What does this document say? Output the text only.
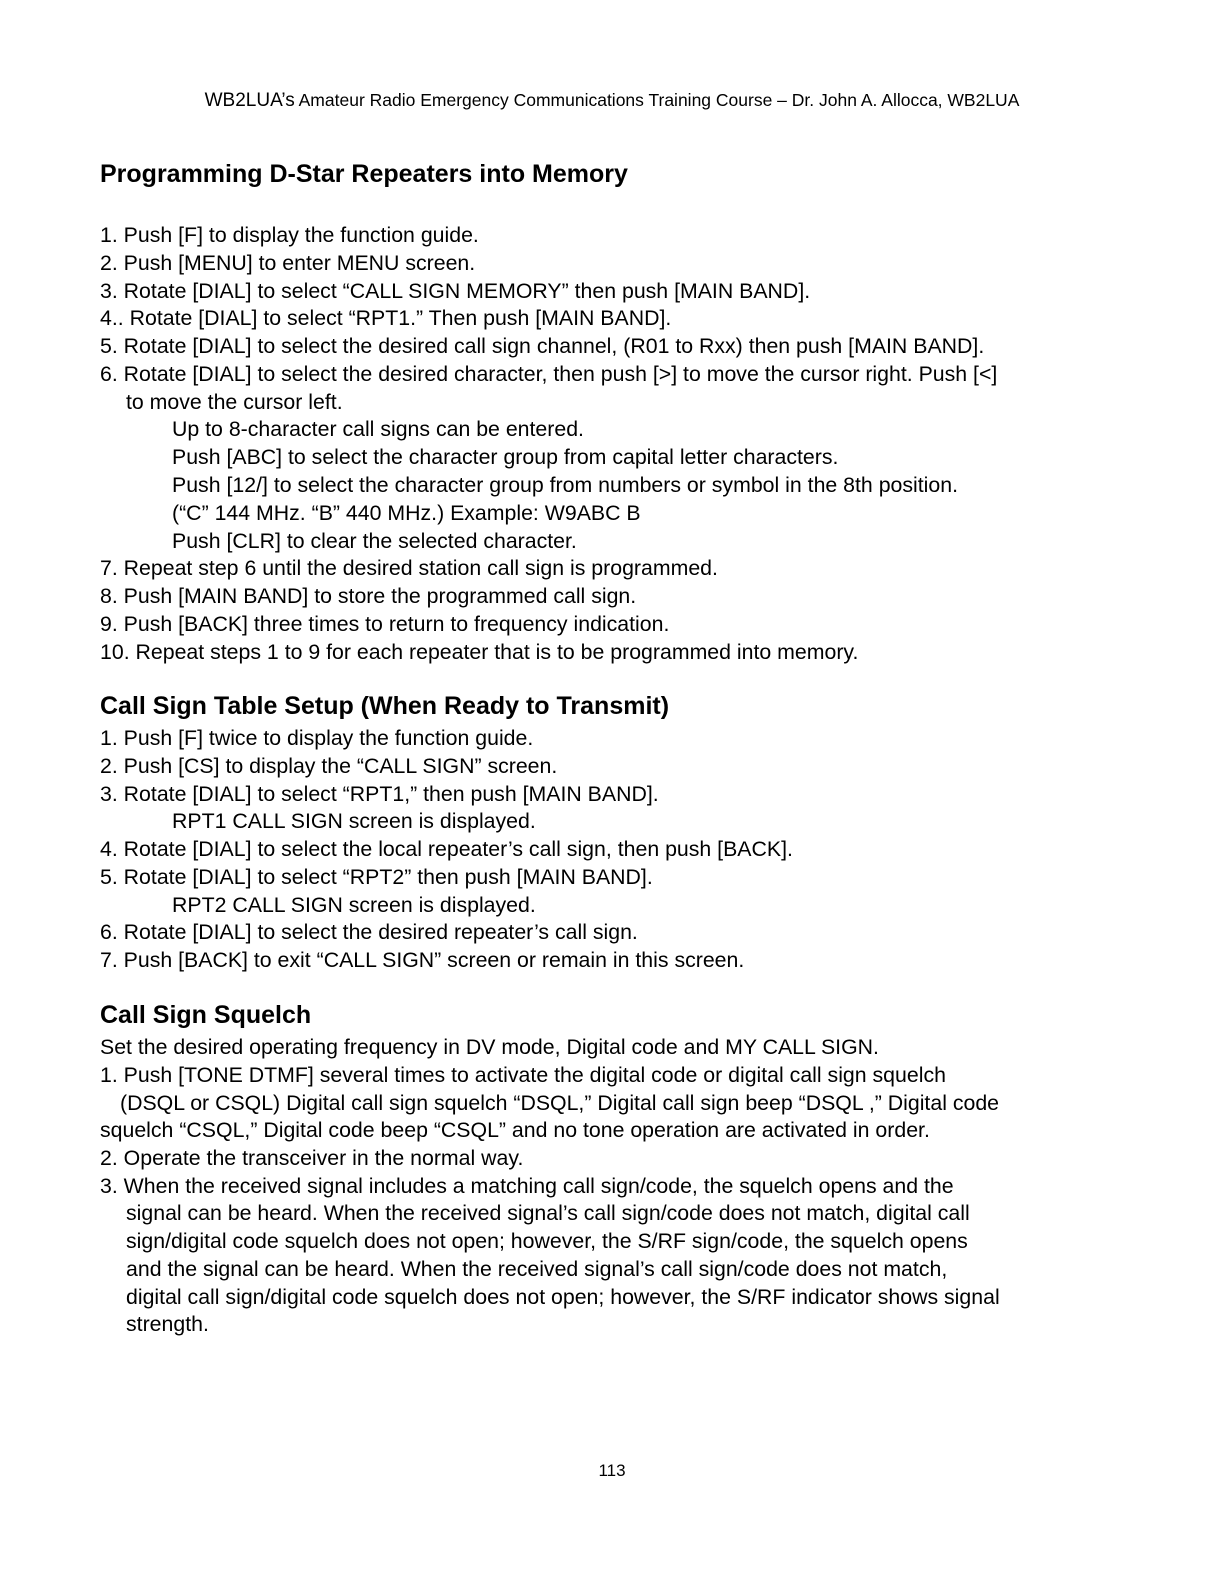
WB2LUA’s Amateur Radio Emergency Communications Training Course – Dr. John A. Allocca, WB2LUA
Programming D-Star Repeaters into Memory
1. Push [F] to display the function guide.
2. Push [MENU] to enter MENU screen.
3. Rotate [DIAL] to select “CALL SIGN MEMORY” then push [MAIN BAND].
4.. Rotate [DIAL] to select “RPT1.” Then push [MAIN BAND].
5. Rotate [DIAL] to select the desired call sign channel, (R01 to Rxx) then push [MAIN BAND].
6. Rotate [DIAL] to select the desired character, then push [>] to move the cursor right. Push [<]
to move the cursor left.
Up to 8-character call signs can be entered.
Push [ABC] to select the character group from capital letter characters.
Push [12/] to select the character group from numbers or symbol in the 8th position.
(“C” 144 MHz. “B” 440 MHz.) Example: W9ABC B
Push [CLR] to clear the selected character.
7. Repeat step 6 until the desired station call sign is programmed.
8. Push [MAIN BAND] to store the programmed call sign.
9. Push [BACK] three times to return to frequency indication.
10. Repeat steps 1 to 9 for each repeater that is to be programmed into memory.
Call Sign Table Setup (When Ready to Transmit)
1. Push [F] twice to display the function guide.
2. Push [CS] to display the “CALL SIGN” screen.
3. Rotate [DIAL] to select “RPT1,” then push [MAIN BAND].
RPT1 CALL SIGN screen is displayed.
4. Rotate [DIAL] to select the local repeater’s call sign, then push [BACK].
5. Rotate [DIAL] to select “RPT2” then push [MAIN BAND].
RPT2 CALL SIGN screen is displayed.
6. Rotate [DIAL] to select the desired repeater’s call sign.
7. Push [BACK] to exit “CALL SIGN” screen or remain in this screen.
Call Sign Squelch
Set the desired operating frequency in DV mode, Digital code and MY CALL SIGN.
1. Push [TONE DTMF] several times to activate the digital code or digital call sign squelch
(DSQL or CSQL) Digital call sign squelch “DSQL,” Digital call sign beep “DSQL ,” Digital code
squelch “CSQL,” Digital code beep “CSQL” and no tone operation are activated in order.
2. Operate the transceiver in the normal way.
3. When the received signal includes a matching call sign/code, the squelch opens and the
signal can be heard. When the received signal’s call sign/code does not match, digital call
sign/digital code squelch does not open; however, the S/RF sign/code, the squelch opens
and the signal can be heard. When the received signal’s call sign/code does not match,
digital call sign/digital code squelch does not open; however, the S/RF indicator shows signal
strength.
113
